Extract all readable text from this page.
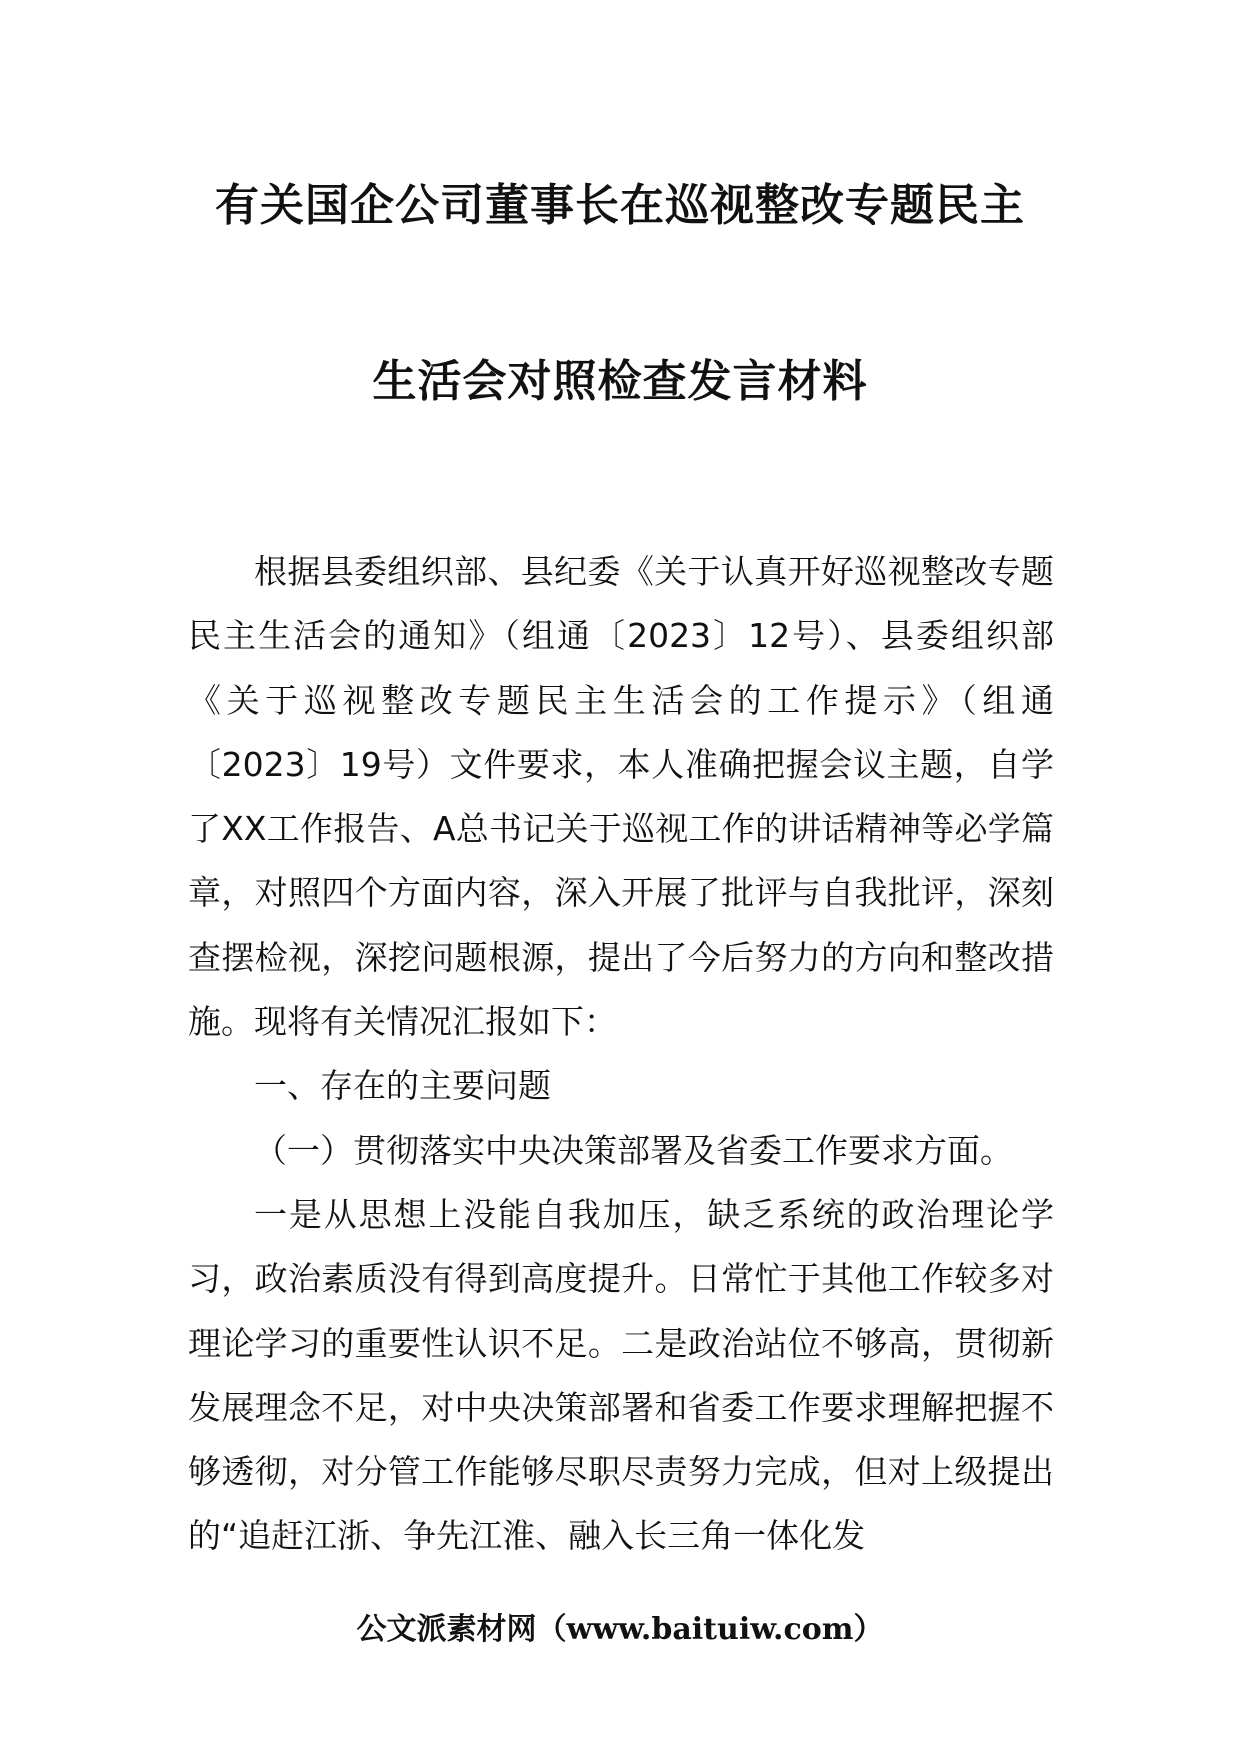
有关国企公司董事长在巡视整改专题民主
生活会对照检查发言材料

根据县委组织部、县纪委《关于认真开好巡视整改专题民主生活会的通知》（组通〔2023〕12号）、县委组织部《关于巡视整改专题民主生活会的工作提示》（组通〔2023〕19号）文件要求，本人准确把握会议主题，自学了XX工作报告、A总书记关于巡视工作的讲话精神等必学篇章，对照四个方面内容，深入开展了批评与自我批评，深刻查摆检视，深挖问题根源，提出了今后努力的方向和整改措施。现将有关情况汇报如下：

一、存在的主要问题

（一）贯彻落实中央决策部署及省委工作要求方面。

一是从思想上没能自我加压，缺乏系统的政治理论学习，政治素质没有得到高度提升。日常忙于其他工作较多对理论学习的重要性认识不足。二是政治站位不够高，贯彻新发展理念不足，对中央决策部署和省委工作要求理解把握不够透彻，对分管工作能够尽职尽责努力完成，但对上级提出的“追赶江浙、争先江淮、融入长三角一体化发

公文派素材网（www.baituiw.com）
